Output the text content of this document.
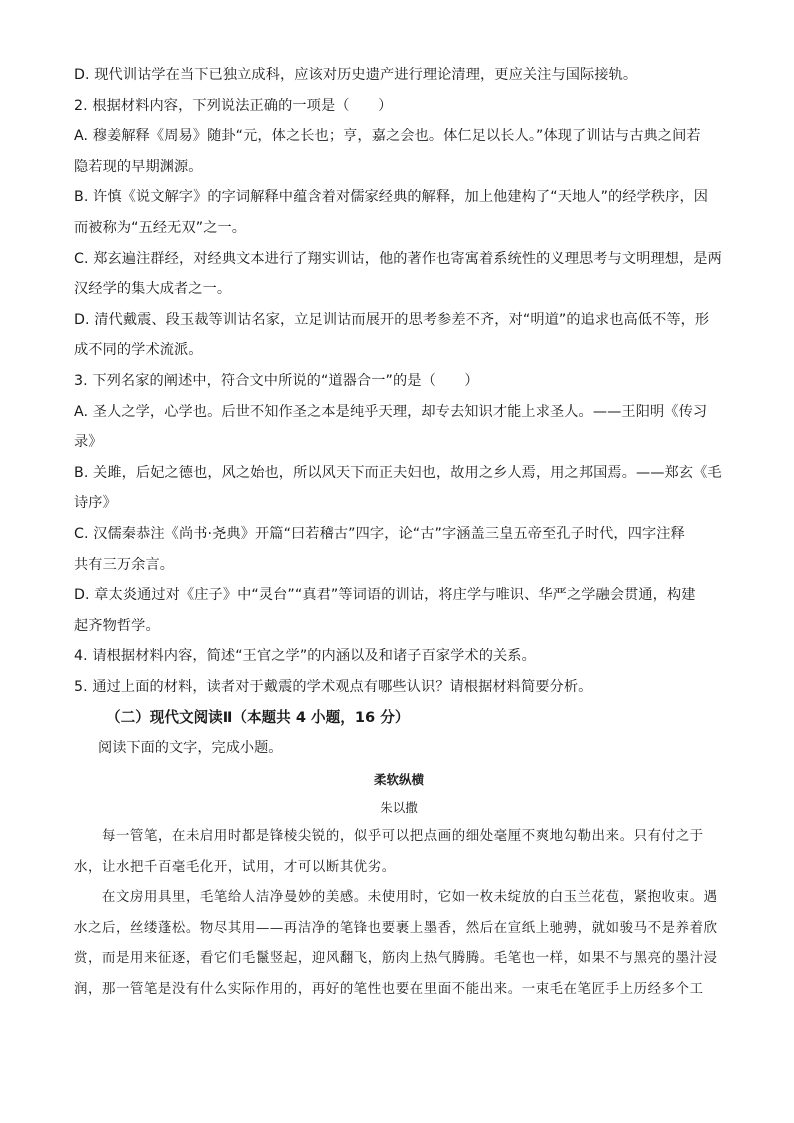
D. 现代训诂学在当下已独立成科，应该对历史遗产进行理论清理，更应关注与国际接轨。
2. 根据材料内容，下列说法正确的一项是（　　）
A. 穆姜解释《周易》随卦“元，体之长也；亨，嘉之会也。体仁足以长人。”体现了训诂与古典之间若
隐若现的早期渊源。
B. 许慎《说文解字》的字词解释中蕴含着对儒家经典的解释，加上他建构了“天地人”的经学秩序，因
而被称为“五经无双”之一。
C. 郑玄遍注群经，对经典文本进行了翔实训诂，他的著作也寄寓着系统性的义理思考与文明理想，是两
汉经学的集大成者之一。
D. 清代戴震、段玉裁等训诂名家，立足训诂而展开的思考参差不齐，对“明道”的追求也高低不等，形
成不同的学术流派。
3. 下列名家的阐述中，符合文中所说的“道器合一”的是（　　）
A. 圣人之学，心学也。后世不知作圣之本是纯乎天理，却专去知识才能上求圣人。——王阳明《传习
录》
B. 关雎，后妃之德也，风之始也，所以风天下而正夫妇也，故用之乡人焉，用之邦国焉。——郑玄《毛
诗序》
C. 汉儒秦恭注《尚书·尧典》开篇“曰若稽古”四字，论“古”字涵盖三皇五帝至孔子时代，四字注释
共有三万余言。
D. 章太炎通过对《庄子》中“灵台”“真君”等词语的训诂，将庄学与唯识、华严之学融会贯通，构建
起齐物哲学。
4. 请根据材料内容，简述“王官之学”的内涵以及和诸子百家学术的关系。
5. 通过上面的材料，读者对于戴震的学术观点有哪些认识？请根据材料简要分析。
（二）现代文阅读Ⅱ（本题共 4 小题，16 分）
阅读下面的文字，完成小题。
柔软纵横
朱以撒
每一管笔，在未启用时都是锋棱尖锐的，似乎可以把点画的细处毫厘不爽地勾勒出来。只有付之于
水，让水把千百毫毛化开，试用，才可以断其优劣。
在文房用具里，毛笔给人洁净曼妙的美感。未使用时，它如一枚未绽放的白玉兰花苞，紧抱收束。遇
水之后，丝缕蓬松。物尽其用——再洁净的笔锋也要裹上墨香，然后在宣纸上驰骋，就如骏马不是养着欣
赏，而是用来征逐，看它们毛鬣竖起，迎风翻飞，筋肉上热气腾腾。毛笔也一样，如果不与黑亮的墨汁浸
润，那一管笔是没有什么实际作用的，再好的笔性也要在里面不能出来。一束毛在笔匠手上历经多个工
